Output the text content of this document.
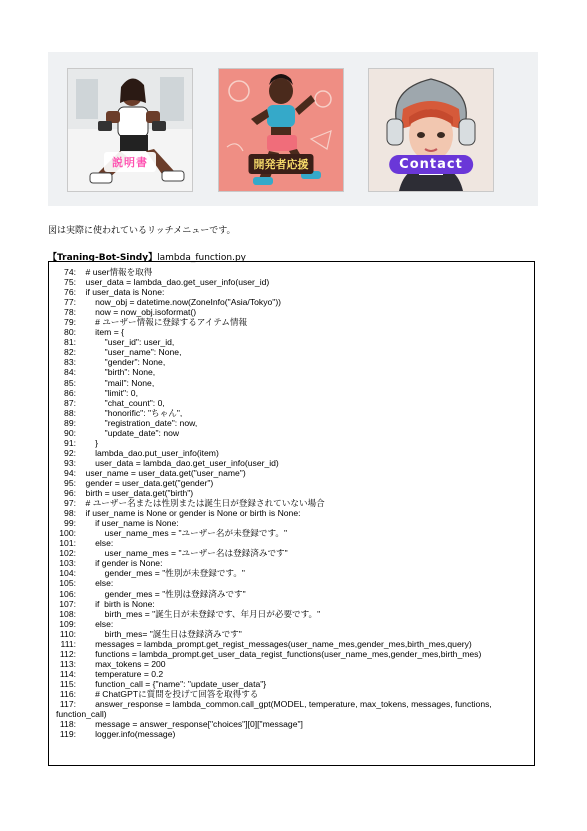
説明書	開発者応援	Contact
図は実際に使われているリッチメニューです。
【Traning-Bot-Sindy】lambda_function.py
74: # user情報を取得
75: user_data = lambda_dao.get_user_info(user_id)
76: if user_data is None:
77: now_obj = datetime.now(ZoneInfo("Asia/Tokyo"))
78: now = now_obj.isoformat()
79: # ユーザー情報に登録するアイテム情報
80: item = {
81: "user_id": user_id,
82: "user_name": None,
83: "gender": None,
84: "birth": None,
85: "mail": None,
86: "limit": 0,
87: "chat_count": 0,
88: "honorific": "ちゃん",
89: "registration_date": now,
90: "update_date": now
91: }
92: lambda_dao.put_user_info(item)
93: user_data = lambda_dao.get_user_info(user_id)
94: user_name = user_data.get("user_name")
95: gender = user_data.get("gender")
96: birth = user_data.get("birth")
97: # ユーザー名または性別または誕生日が登録されていない場合
98: if user_name is None or gender is None or birth is None:
99: if user_name is None:
100: user_name_mes = "ユーザー名が未登録です。"
101: else:
102: user_name_mes = "ユーザー名は登録済みです"
103: if gender is None:
104: gender_mes = "性別が未登録です。"
105: else:
106: gender_mes = "性別は登録済みです"
107: if  birth is None:
108: birth_mes = "誕生日が未登録です、年月日が必要です。"
109: else:
110: birth_mes= "誕生日は登録済みです"
111: messages = lambda_prompt.get_regist_messages(user_name_mes,gender_mes,birth_mes,query)
112: functions = lambda_prompt.get_user_data_regist_functions(user_name_mes,gender_mes,birth_mes)
113: max_tokens = 200
114: temperature = 0.2
115: function_call = {"name": "update_user_data"}
116: # ChatGPTに質問を投げて回答を取得する
117: answer_response = lambda_common.call_gpt(MODEL, temperature, max_tokens, messages, functions,
function_call)
118: message = answer_response["choices"][0]["message"]
119: logger.info(message)
